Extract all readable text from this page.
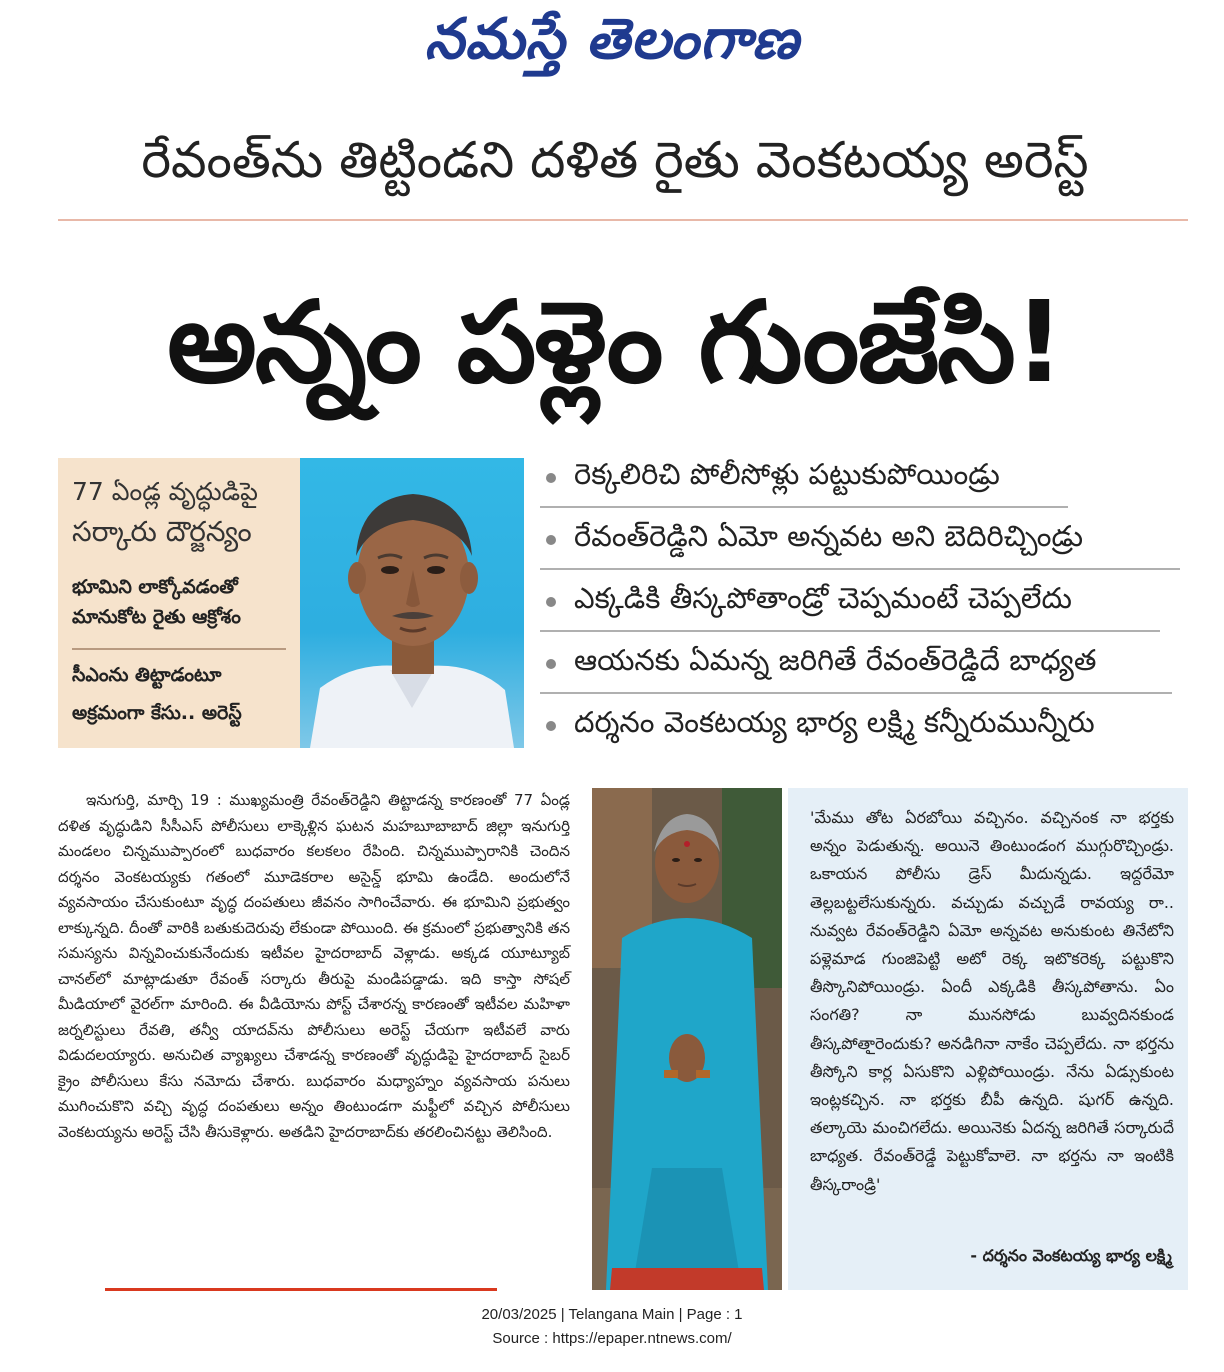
నమస్తే తెలంగాణ
రేవంత్‌ను తిట్టిండని దళిత రైతు వెంకటయ్య అరెస్ట్
అన్నం పళ్లెం గుంజేసి!
77 ఏండ్ల వృద్ధుడిపై
సర్కారు దౌర్జన్యం
భూమిని లాక్కోవడంతో మానుకోట రైతు ఆక్రోశం
సీఎంను తిట్టాడంటూ అక్రమంగా కేసు.. అరెస్ట్
రెక్కలిరిచి పోలీసోళ్లు పట్టుకుపోయిండ్రు
రేవంత్‌రెడ్డిని ఏమో అన్నవట అని బెదిరిచ్చిండ్రు
ఎక్కడికి తీస్కపోతాండ్రో చెప్పమంటే చెప్పలేదు
ఆయనకు ఏమన్న జరిగితే రేవంత్‌రెడ్డిదే బాధ్యత
దర్శనం వెంకటయ్య భార్య లక్ష్మి కన్నీరుమున్నీరు

ఇనుగుర్తి, మార్చి 19 : ముఖ్యమంత్రి రేవంత్‌రెడ్డిని తిట్టాడన్న కారణంతో 77 ఏండ్ల దళిత వృద్ధుడిని సీసీఎస్ పోలీసులు లాక్కెళ్లిన ఘటన మహబూబాబాద్ జిల్లా ఇనుగుర్తి మండలం చిన్నముప్పారంలో బుధవారం కలకలం రేపింది. చిన్నముప్పారానికి చెందిన దర్శనం వెంకటయ్యకు గతంలో మూడెకరాల అసైన్డ్ భూమి ఉండేది. అందులోనే వ్యవసాయం చేసుకుంటూ వృద్ధ దంపతులు జీవనం సాగించేవారు. ఈ భూమిని ప్రభుత్వం లాక్కున్నది. దీంతో వారికి బతుకుదెరువు లేకుండా పోయింది. ఈ క్రమంలో ప్రభుత్వానికి తన సమస్యను విన్నవించుకునేందుకు ఇటీవల హైదరాబాద్ వెళ్లాడు. అక్కడ యూట్యూబ్ చానల్‌లో మాట్లాడుతూ రేవంత్ సర్కారు తీరుపై మండిపడ్డాడు. ఇది కాస్తా సోషల్ మీడియాలో వైరల్‌గా మారింది. ఈ వీడియోను పోస్ట్ చేశారన్న కారణంతో ఇటీవల మహిళా జర్నలిస్టులు రేవతి, తన్వీ యాదవ్‌ను పోలీసులు అరెస్ట్ చేయగా ఇటీవలే వారు విడుదలయ్యారు. అనుచిత వ్యాఖ్యలు చేశాడన్న కారణంతో వృద్ధుడిపై హైదరాబాద్ సైబర్ క్రైం పోలీసులు కేసు నమోదు చేశారు. బుధవారం మధ్యాహ్నం వ్యవసాయ పనులు ముగించుకొని వచ్చి వృద్ధ దంపతులు అన్నం తింటుండగా మఫ్టీలో వచ్చిన పోలీసులు వెంకటయ్యను అరెస్ట్ చేసి తీసుకెళ్లారు. అతడిని హైదరాబాద్‌కు తరలించినట్టు తెలిసింది.

'మేము తోట ఏరబోయి వచ్చినం. వచ్చినంక నా భర్తకు అన్నం పెడుతున్న. అయినె తింటుండంగ ముగ్గురొచ్చిండ్రు. ఒకాయన పోలీసు డ్రెస్ మీదున్నడు. ఇద్దరేమో తెల్లబట్టలేసుకున్నరు. వచ్చుడు వచ్చుడే రావయ్య రా.. నువ్వట రేవంత్‌రెడ్డిని ఏమో అన్నవట అనుకుంట తినేటోని పళ్లెమాడ గుంజిపెట్టి అటో రెక్క ఇటొకరెక్క పట్టుకొని తీస్కొనిపోయిండ్రు. ఏందీ ఎక్కడికి తీస్కపోతాను. ఏం సంగతి? నా మునసోడు బువ్వదినకుండ తీస్కపోతాౖరెందుకు? అనడిగినా నాకేం చెప్పలేదు. నా భర్తను తీస్కోని కార్ల ఏసుకొని ఎళ్లిపోయిండ్రు. నేను ఏడ్సుకుంట ఇంట్లకచ్చిన. నా భర్తకు బీపీ ఉన్నది. షుగర్ ఉన్నది. తల్కాయె మంచిగలేదు. అయినెకు ఏదన్న జరిగితే సర్కారుదే బాధ్యత. రేవంత్‌రెడ్డే పెట్టుకోవాలె. నా భర్తను నా ఇంటికి తీస్కరాండ్రి'
- దర్శనం వెంకటయ్య భార్య లక్ష్మి
20/03/2025 | Telangana Main | Page : 1
Source : https://epaper.ntnews.com/
